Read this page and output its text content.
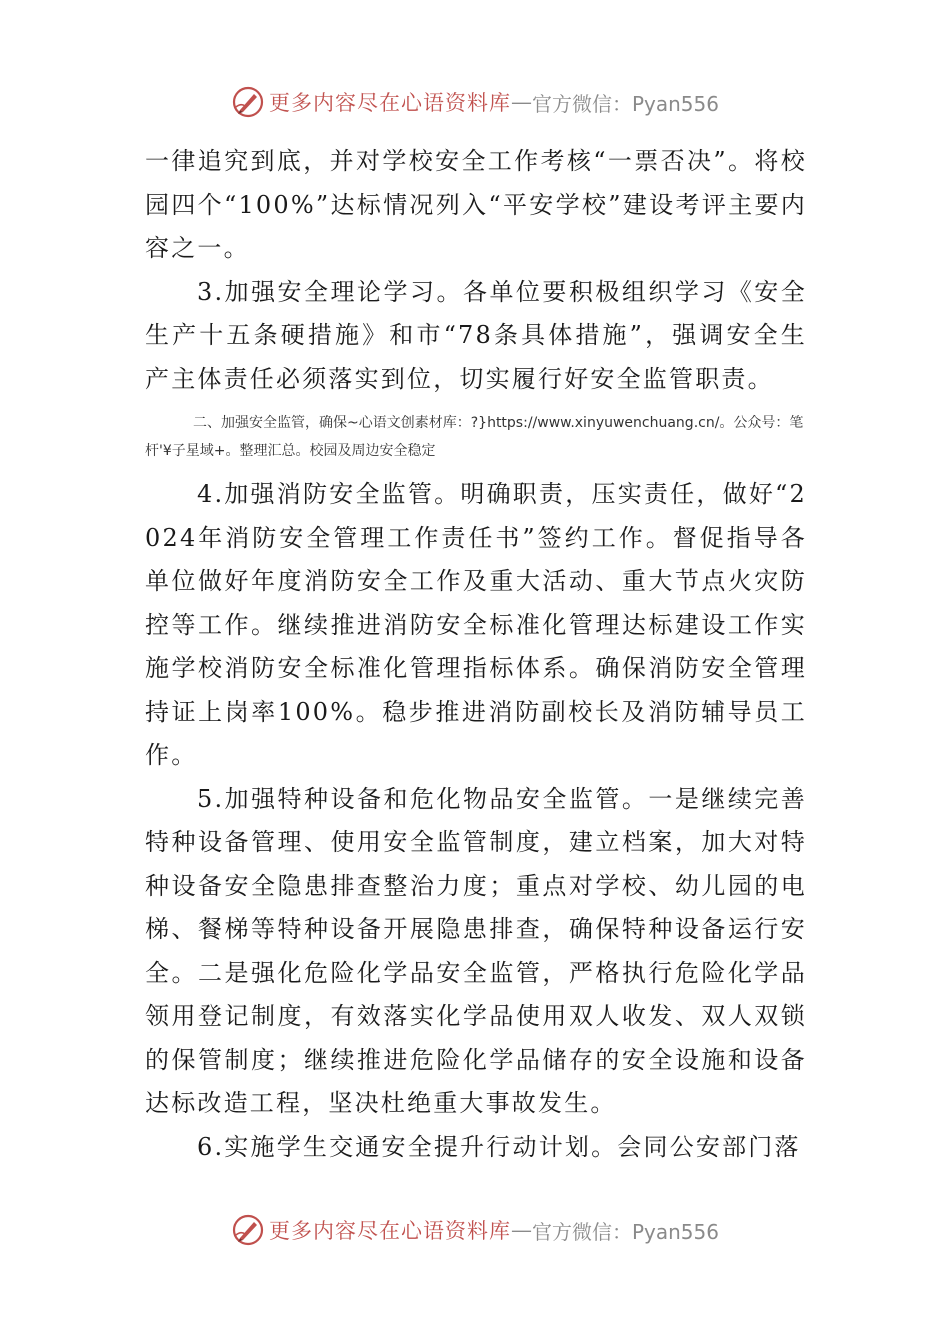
更多内容尽在心语资料库 — 官方微信：Pyan556

一律追究到底，并对学校安全工作考核“一票否决”。将校园四个“100%”达标情况列入“平安学校”建设考评主要内容之一。

3.加强安全理论学习。各单位要积极组织学习《安全生产十五条硬措施》和市“78条具体措施”，强调安全生产主体责任必须落实到位，切实履行好安全监管职责。

二、加强安全监管，确保~心语文创素材库：?}https://www.xinyuwenchuang.cn/。公众号：笔杆'¥子星域+。整理汇总。校园及周边安全稳定

4.加强消防安全监管。明确职责，压实责任，做好“2024年消防安全管理工作责任书”签约工作。督促指导各单位做好年度消防安全工作及重大活动、重大节点火灾防控等工作。继续推进消防安全标准化管理达标建设工作实施学校消防安全标准化管理指标体系。确保消防安全管理持证上岗率100%。稳步推进消防副校长及消防辅导员工作。

5.加强特种设备和危化物品安全监管。一是继续完善特种设备管理、使用安全监管制度，建立档案，加大对特种设备安全隐患排查整治力度；重点对学校、幼儿园的电梯、餐梯等特种设备开展隐患排查，确保特种设备运行安全。二是强化危险化学品安全监管，严格执行危险化学品领用登记制度，有效落实化学品使用双人收发、双人双锁的保管制度；继续推进危险化学品储存的安全设施和设备达标改造工程，坚决杜绝重大事故发生。

6.实施学生交通安全提升行动计划。会同公安部门落

更多内容尽在心语资料库 — 官方微信：Pyan556
